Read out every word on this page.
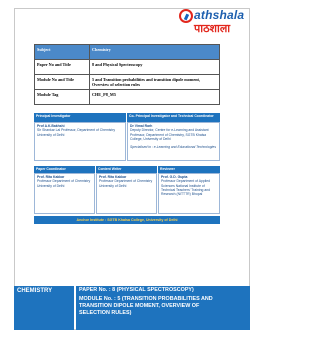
athshala
पाठशाला
Subject	Chemistry
Paper No and Title	8 and Physical Spectroscopy
Module No and Title	5 and Transition probabilities and transition dipole moment, Overview of selection rules
Module Tag	CHE_P8_M5
Principal Investigator	Co- Principal Investigator and Technical Coordinator
Prof A.K.Bakhshi
Sir Shankar Lal Professor, Department of Chemistry University of Delhi
Dr Vimal Rarh
Deputy Director, Centre for e-Learning and Assistant Professor, Department of Chemistry, SGTB Khalsa College, University of Delhi

Specialised in : e-Learning and Educational Technologies
Paper Coordinator	Content Writer	Reviewer
Prof. Rita Kakkar
Professor Department of Chemistry University of Delhi
Prof. Rita Kakkar
Professor Department of Chemistry University of Delhi
Prof. G.D. Gupta
Professor Department of Applied Sciences National Institute of Technical Teachers' Training and Research (NITTTR) Bhopal
Anchor Institute : SGTB Khalsa College, University of Delhi
CHEMISTRY	PAPER No. : 8 (PHYSICAL SPECTROSCOPY)
MODULE No. : 5 (TRANSITION PROBABILITIES AND
TRANSITION DIPOLE MOMENT, OVERVIEW OF
SELECTION RULES)
